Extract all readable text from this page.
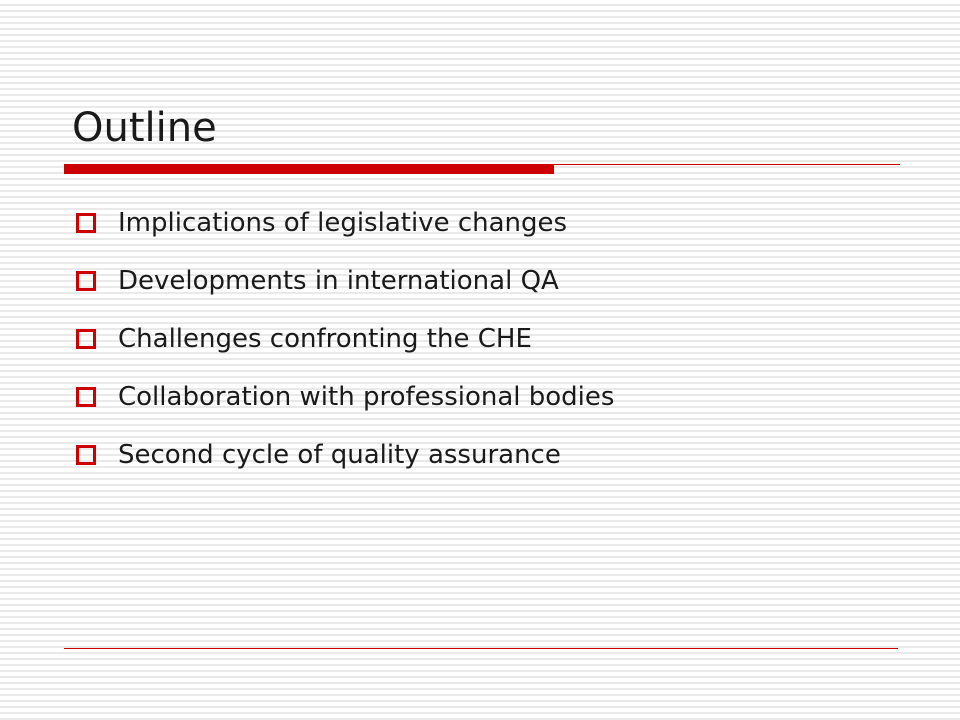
Outline
Implications of legislative changes
Developments in international QA
Challenges confronting the CHE
Collaboration with professional bodies
Second cycle of quality assurance
